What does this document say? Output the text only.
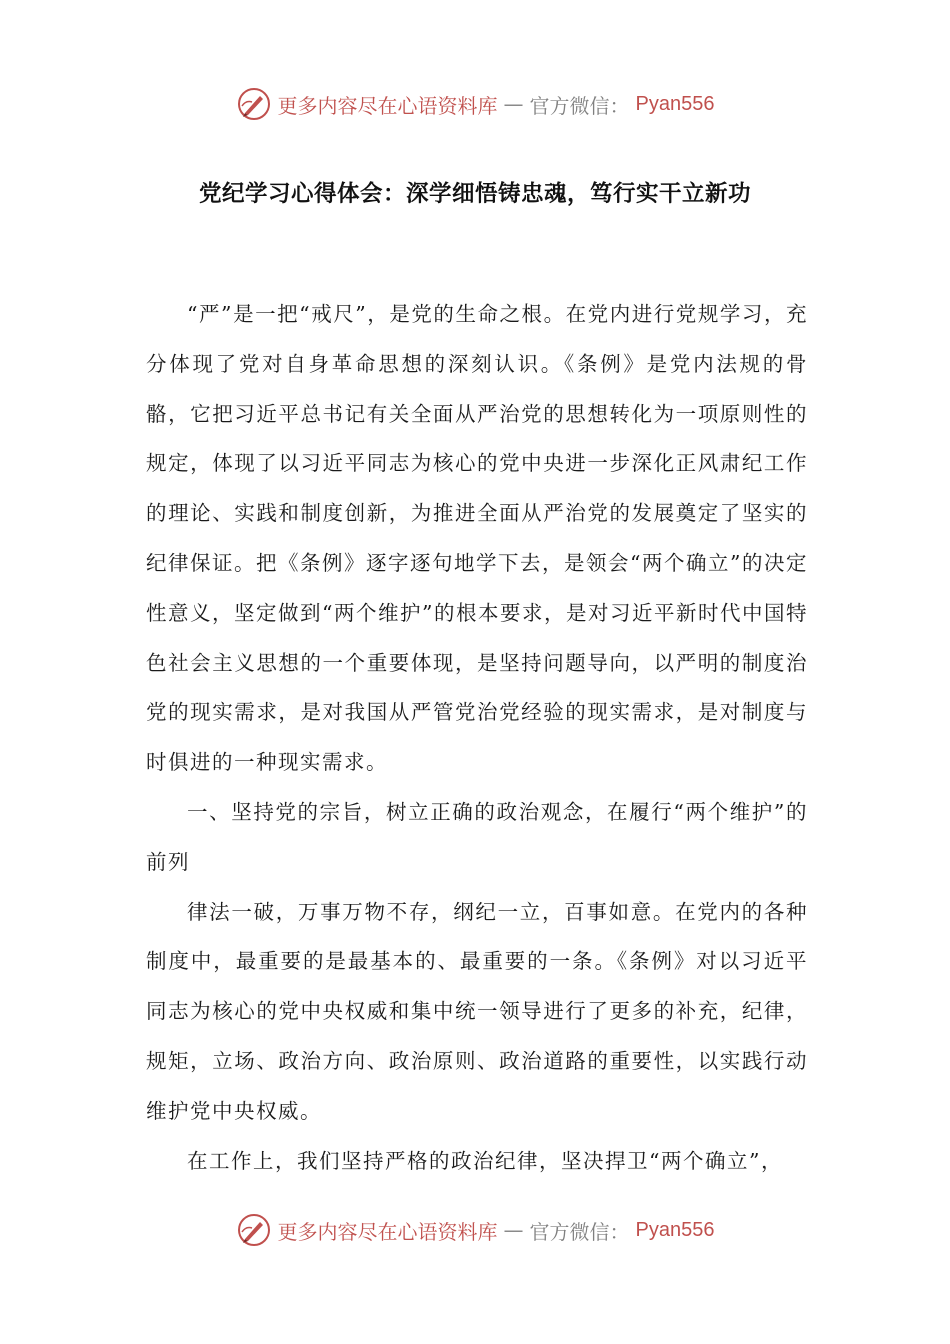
更多内容尽在心语资料库 — 官方微信： Pyan556
党纪学习心得体会：深学细悟铸忠魂，笃行实干立新功

“严”是一把“戒尺”，是党的生命之根。在党内进行党规学习，充分体现了党对自身革命思想的深刻认识。《条例》是党内法规的骨骼，它把习近平总书记有关全面从严治党的思想转化为一项原则性的规定，体现了以习近平同志为核心的党中央进一步深化正风肃纪工作的理论、实践和制度创新，为推进全面从严治党的发展奠定了坚实的纪律保证。把《条例》逐字逐句地学下去，是领会“两个确立”的决定性意义，坚定做到“两个维护”的根本要求，是对习近平新时代中国特色社会主义思想的一个重要体现，是坚持问题导向，以严明的制度治党的现实需求，是对我国从严管党治党经验的现实需求，是对制度与时俱进的一种现实需求。

一、坚持党的宗旨，树立正确的政治观念，在履行“两个维护”的前列

律法一破，万事万物不存，纲纪一立，百事如意。在党内的各种制度中，最重要的是最基本的、最重要的一条。《条例》对以习近平同志为核心的党中央权威和集中统一领导进行了更多的补充，纪律，规矩，立场、政治方向、政治原则、政治道路的重要性，以实践行动维护党中央权威。

在工作上，我们坚持严格的政治纪律，坚决捍卫“两个确立”，

更多内容尽在心语资料库 — 官方微信： Pyan556
